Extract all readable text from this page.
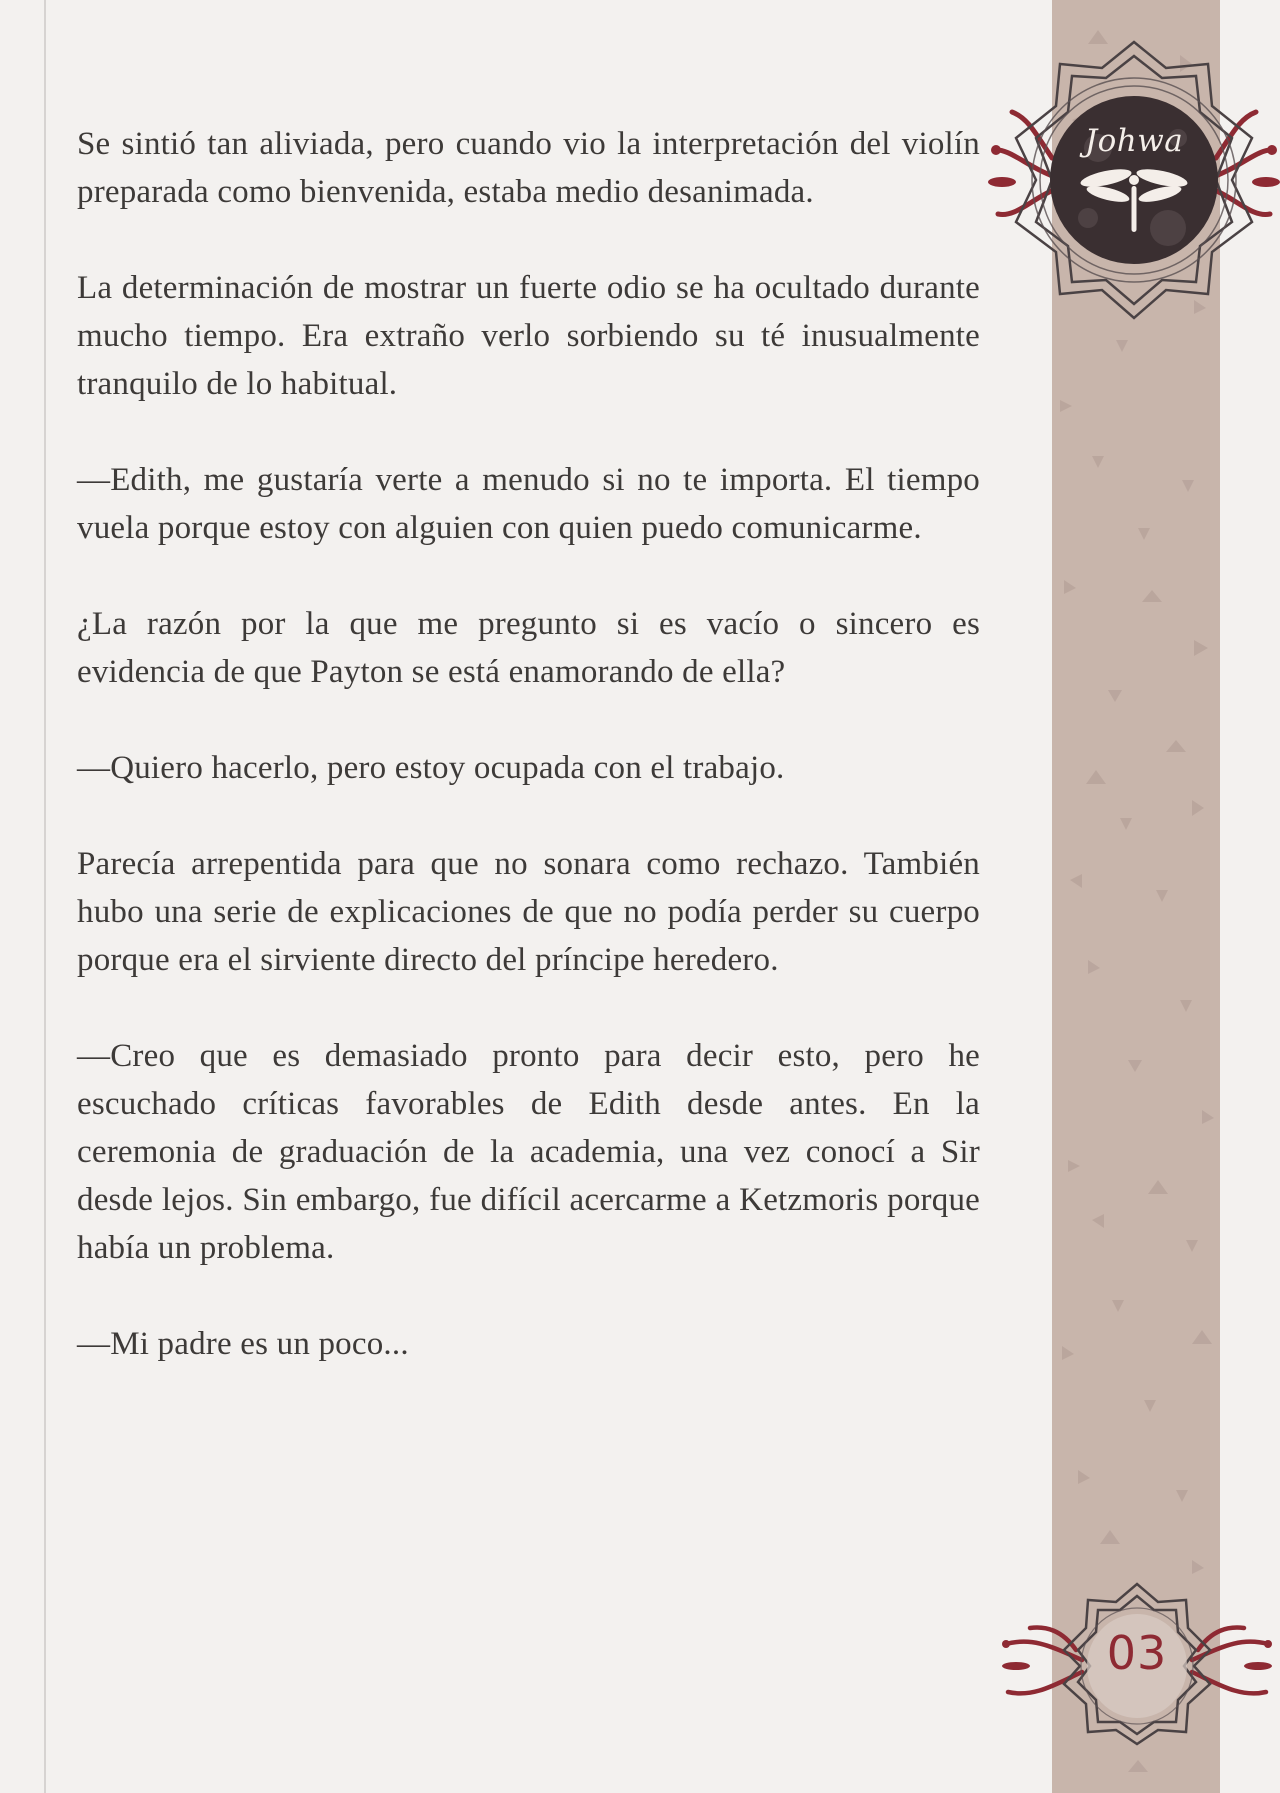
Se sintió tan aliviada, pero cuando vio la interpretación del violín preparada como bienvenida, estaba medio desanimada.

La determinación de mostrar un fuerte odio se ha ocultado durante mucho tiempo. Era extraño verlo sorbiendo su té inusualmente tranquilo de lo habitual.

—Edith, me gustaría verte a menudo si no te importa. El tiempo vuela porque estoy con alguien con quien puedo comunicarme.

¿La razón por la que me pregunto si es vacío o sincero es evidencia de que Payton se está enamorando de ella?

—Quiero hacerlo, pero estoy ocupada con el trabajo.

Parecía arrepentida para que no sonara como rechazo. También hubo una serie de explicaciones de que no podía perder su cuerpo porque era el sirviente directo del príncipe heredero.

—Creo que es demasiado pronto para decir esto, pero he escuchado críticas favorables de Edith desde antes. En la ceremonia de graduación de la academia, una vez conocí a Sir desde lejos. Sin embargo, fue difícil acercarme a Ketzmoris porque había un problema.

—Mi padre es un poco...

Johwa
03
